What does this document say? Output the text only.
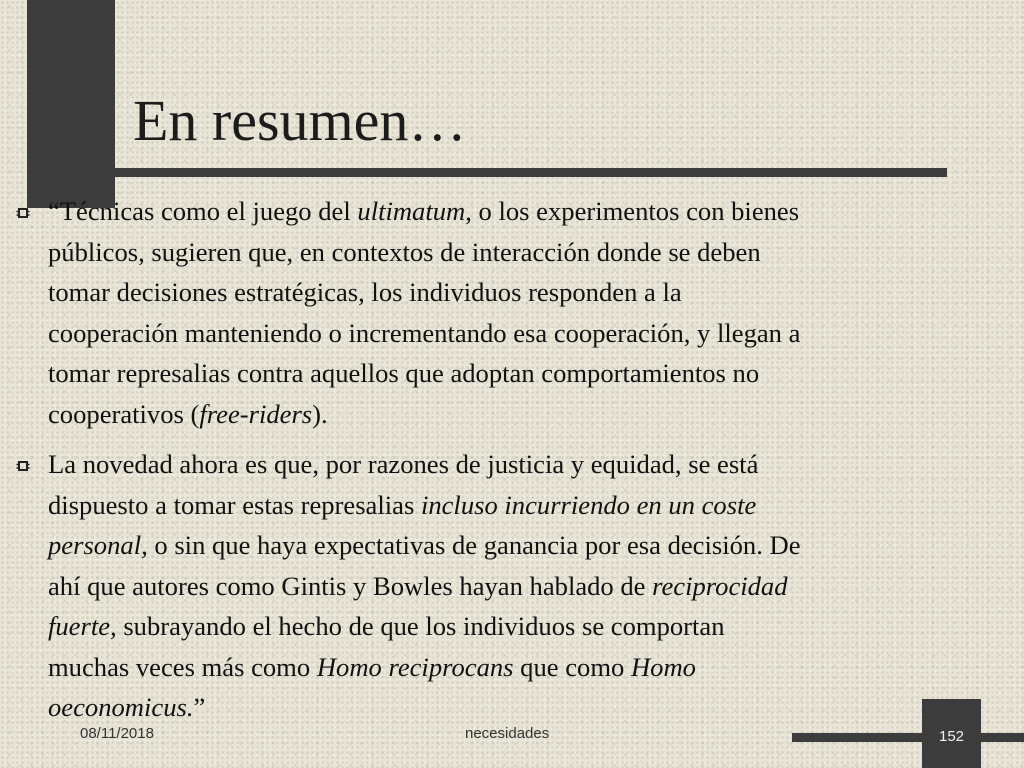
En resumen…

“Técnicas como el juego del ultimatum, o los experimentos con bienes
públicos, sugieren que, en contextos de interacción donde se deben
tomar decisiones estratégicas, los individuos responden a la
cooperación manteniendo o incrementando esa cooperación, y llegan a
tomar represalias contra aquellos que adoptan comportamientos no
cooperativos (free-riders).

La novedad ahora es que, por razones de justicia y equidad, se está
dispuesto a tomar estas represalias incluso incurriendo en un coste
personal, o sin que haya expectativas de ganancia por esa decisión. De
ahí que autores como Gintis y Bowles hayan hablado de reciprocidad
fuerte, subrayando el hecho de que los individuos se comportan
muchas veces más como Homo reciprocans que como Homo
oeconomicus.”

08/11/2018	necesidades	152
